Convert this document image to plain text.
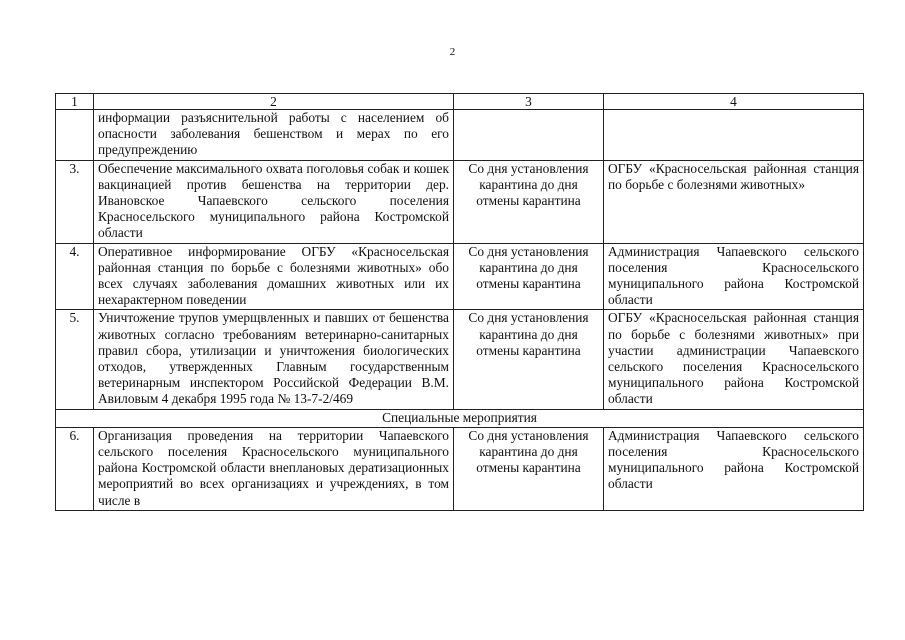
2
1	2	3	4
	информации разъяснительной работы с населением об опасности заболевания бешенством и мерах по его предупреждению		
3.	Обеспечение максимального охвата поголовья собак и кошек вакцинацией против бешенства на территории дер. Ивановское Чапаевского сельского поселения Красносельского муниципального района Костромской области	Со дня установления карантина до дня отмены карантина	ОГБУ «Красносельская районная станция по борьбе с болезнями животных»
4.	Оперативное информирование ОГБУ «Красносельская районная станция по борьбе с болезнями животных» обо всех случаях заболевания домашних животных или их нехарактерном поведении	Со дня установления карантина до дня отмены карантина	Администрация Чапаевского сельского поселения Красносельского муниципального района Костромской области
5.	Уничтожение трупов умерщвленных и павших от бешенства животных согласно требованиям ветеринарно-санитарных правил сбора, утилизации и уничтожения биологических отходов, утвержденных Главным государственным ветеринарным инспектором Российской Федерации В.М. Авиловым 4 декабря 1995 года № 13-7-2/469	Со дня установления карантина до дня отмены карантина	ОГБУ «Красносельская районная станция по борьбе с болезнями животных» при участии администрации Чапаевского сельского поселения Красносельского муниципального района Костромской области
Специальные мероприятия			
6.	Организация проведения на территории Чапаевского сельского поселения Красносельского муниципального района Костромской области внеплановых дератизационных мероприятий во всех организациях и учреждениях, в том числе в	Со дня установления карантина до дня отмены карантина	Администрация Чапаевского сельского поселения Красносельского муниципального района Костромской области
